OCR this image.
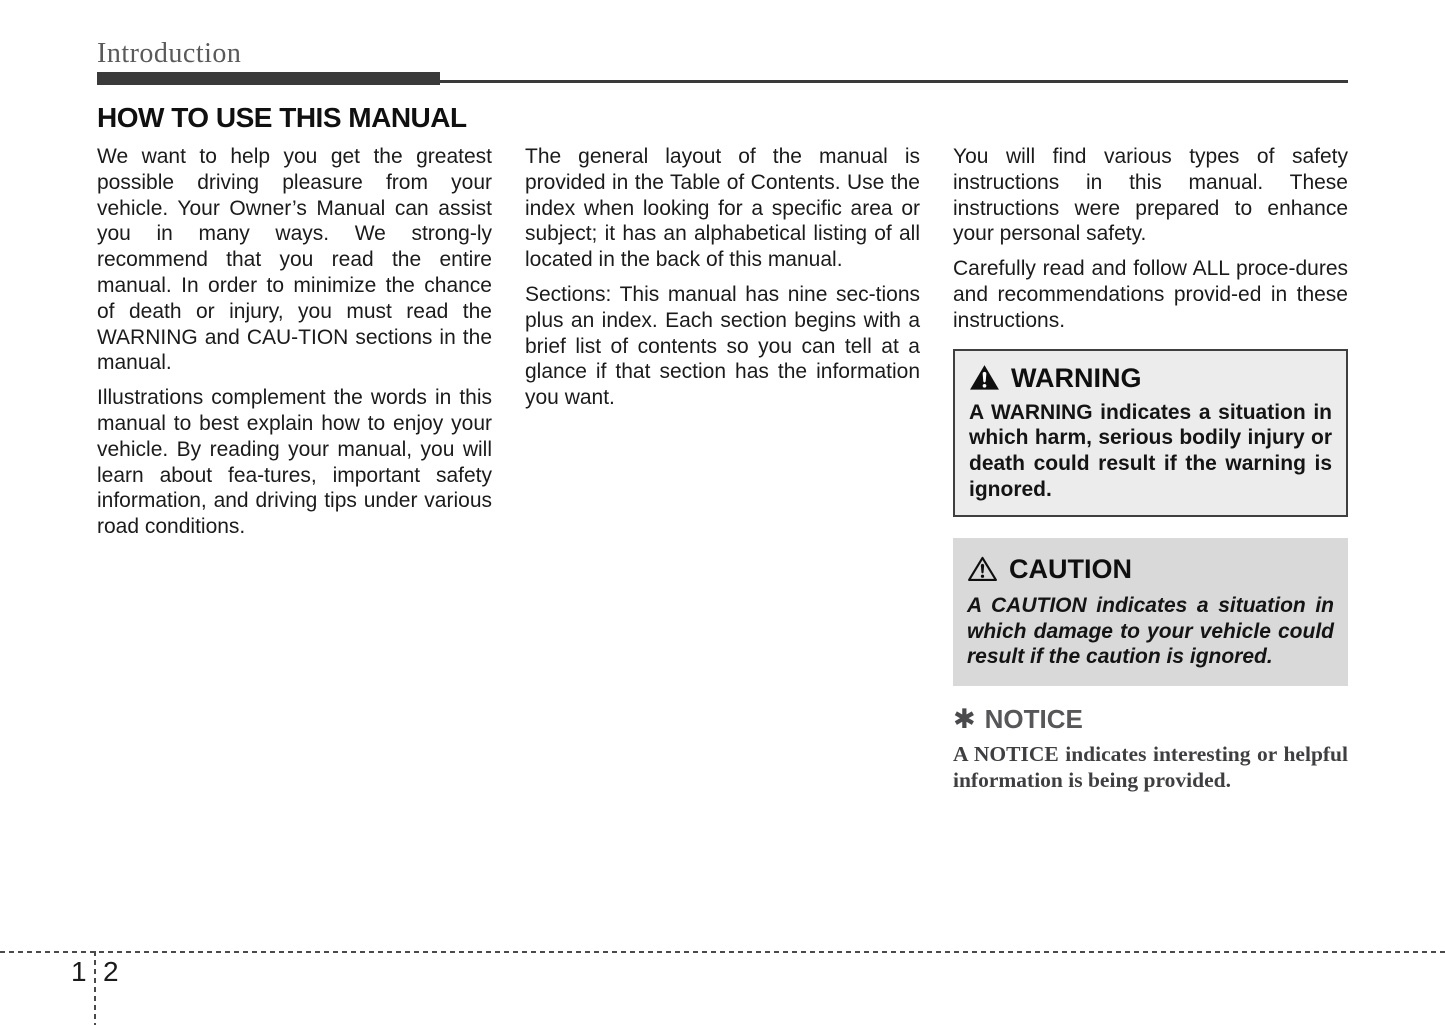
Introduction
HOW TO USE THIS MANUAL

We want to help you get the greatest possible driving pleasure from your vehicle. Your Owner’s Manual can assist you in many ways. We strong-ly recommend that you read the entire manual. In order to minimize the chance of death or injury, you must read the WARNING and CAU-TION sections in the manual.

Illustrations complement the words in this manual to best explain how to enjoy your vehicle. By reading your manual, you will learn about fea-tures, important safety information, and driving tips under various road conditions.

The general layout of the manual is provided in the Table of Contents. Use the index when looking for a specific area or subject; it has an alphabetical listing of all located in the back of this manual.

Sections: This manual has nine sec-tions plus an index. Each section begins with a brief list of contents so you can tell at a glance if that section has the information you want.

You will find various types of safety instructions in this manual. These instructions were prepared to enhance your personal safety.

Carefully read and follow ALL proce-dures and recommendations provid-ed in these instructions.

WARNING

A WARNING indicates a situation in which harm, serious bodily injury or death could result if the warning is ignored.

CAUTION

A CAUTION indicates a situation in which damage to your vehicle could result if the caution is ignored.

✱ NOTICE

A NOTICE indicates interesting or helpful information is being provided.

1 2
